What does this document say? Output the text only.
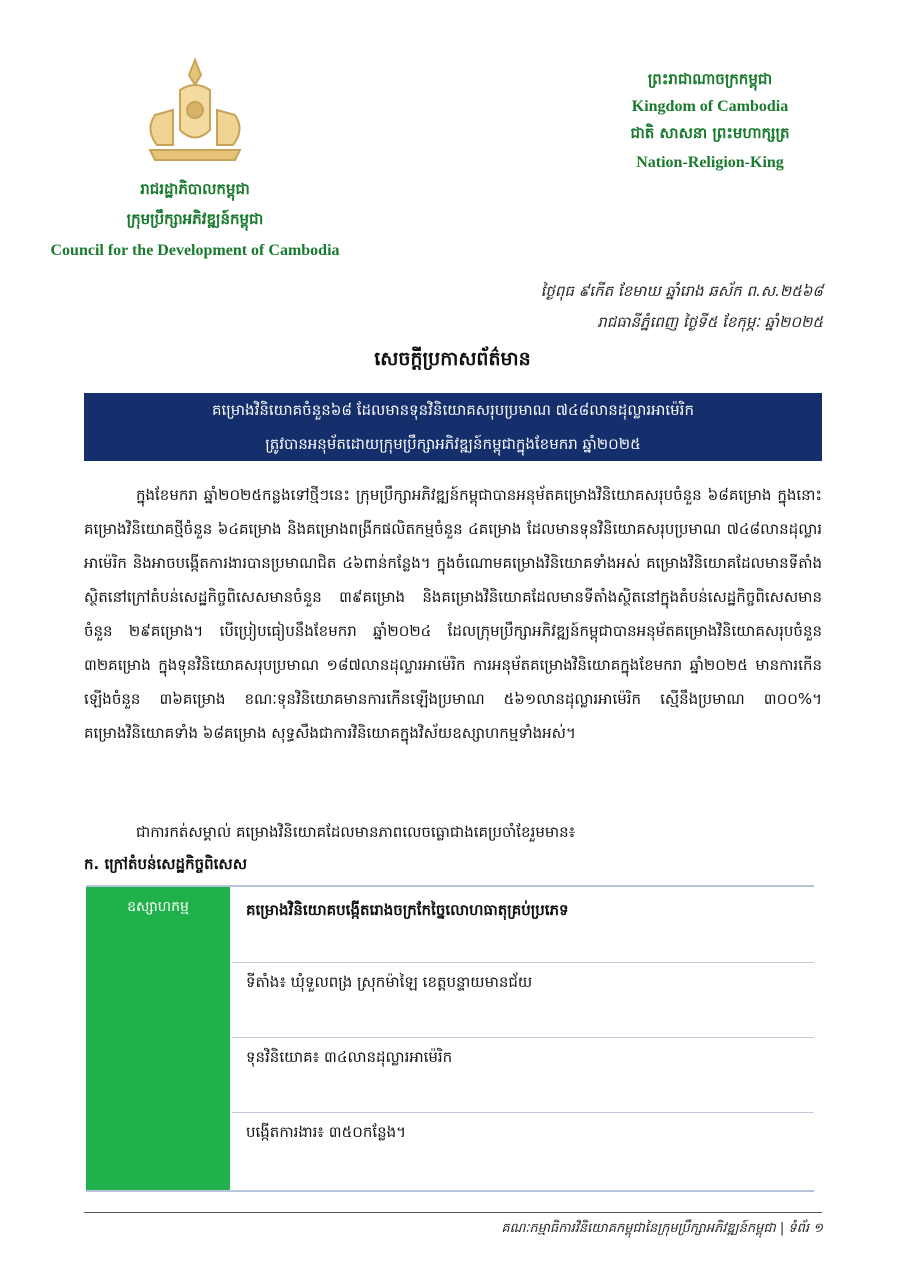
រាជរដ្ឋាភិបាលកម្ពុជា
ក្រុមប្រឹក្សាអភិវឌ្ឍន៍កម្ពុជា
Council for the Development of Cambodia
ព្រះរាជាណាចក្រកម្ពុជា
Kingdom of Cambodia
ជាតិ សាសនា ព្រះមហាក្សត្រ
Nation-Religion-King
ថ្ងៃពុធ ៩កើត ខែមាឃ ឆ្នាំរោង ឆស័ក ព.ស.២៥៦៨
រាជធានីភ្នំពេញ ថ្ងៃទី៥ ខែកុម្ភៈ ឆ្នាំ២០២៥
សេចក្ដីប្រកាសព័ត៌មាន
គម្រោងវិនិយោគចំនួន៦៨ ដែលមានទុនវិនិយោគសរុបប្រមាណ ៧៤៨លានដុល្លារអាម៉េរិក
ត្រូវបានអនុម័តដោយក្រុមប្រឹក្សាអភិវឌ្ឍន៍កម្ពុជាក្នុងខែមករា ឆ្នាំ២០២៥

ក្នុងខែមករា ឆ្នាំ២០២៥កន្លងទៅថ្មីៗនេះ ក្រុមប្រឹក្សាអភិវឌ្ឍន៍កម្ពុជាបានអនុម័តគម្រោងវិនិយោគសរុបចំនួន ៦៨គម្រោង ក្នុងនោះគម្រោងវិនិយោគថ្មីចំនួន ៦៤គម្រោង និងគម្រោងពង្រីកផលិតកម្មចំនួន ៤គម្រោង ដែលមានទុនវិនិយោគសរុបប្រមាណ ៧៤៨លានដុល្លារអាម៉េរិក និងអាចបង្កើតការងារបានប្រមាណជិត ៤៦ពាន់កន្លែង។ ក្នុងចំណោមគម្រោងវិនិយោគទាំងអស់ គម្រោងវិនិយោគដែលមានទីតាំងស្ថិតនៅក្រៅតំបន់សេដ្ឋកិច្ចពិសេសមានចំនួន ៣៩គម្រោង និងគម្រោងវិនិយោគដែលមានទីតាំងស្ថិតនៅក្នុងតំបន់សេដ្ឋកិច្ចពិសេសមានចំនួន ២៩គម្រោង។ បើប្រៀបធៀបនឹងខែមករា ឆ្នាំ២០២៤ ដែលក្រុមប្រឹក្សាអភិវឌ្ឍន៍កម្ពុជាបានអនុម័តគម្រោងវិនិយោគសរុបចំនួន ៣២គម្រោង ក្នុងទុនវិនិយោគសរុបប្រមាណ ១៨៧លានដុល្លារអាម៉េរិក ការអនុម័តគម្រោងវិនិយោគក្នុងខែមករា ឆ្នាំ២០២៥ មានការកើនឡើងចំនួន ៣៦គម្រោង ខណៈទុនវិនិយោគមានការកើនឡើងប្រមាណ ៥៦១លានដុល្លារអាម៉េរិក ស្មើនឹងប្រមាណ ៣០០%។ គម្រោងវិនិយោគទាំង ៦៨គម្រោង សុទ្ធសឹងជាការវិនិយោគក្នុងវិស័យឧស្សាហកម្មទាំងអស់។

ជាការកត់សម្គាល់ គម្រោងវិនិយោគដែលមានភាពលេចធ្លោជាងគេប្រចាំខែរួមមាន៖
ក. ក្រៅតំបន់សេដ្ឋកិច្ចពិសេស
ឧស្សាហកម្ម	គម្រោងវិនិយោគបង្កើតរោងចក្រកែច្នៃលោហធាតុគ្រប់ប្រភេទ
ទីតាំង៖ ឃុំទួលពង្រ ស្រុកម៉ាឡៃ ខេត្តបន្ទាយមានជ័យ
ទុនវិនិយោគ៖ ៣៤លានដុល្លារអាម៉េរិក
បង្កើតការងារ៖ ៣៥០កន្លែង។
គណៈកម្មាធិការវិនិយោគកម្ពុជានៃក្រុមប្រឹក្សាអភិវឌ្ឍន៍កម្ពុជា | ទំព័រ ១
